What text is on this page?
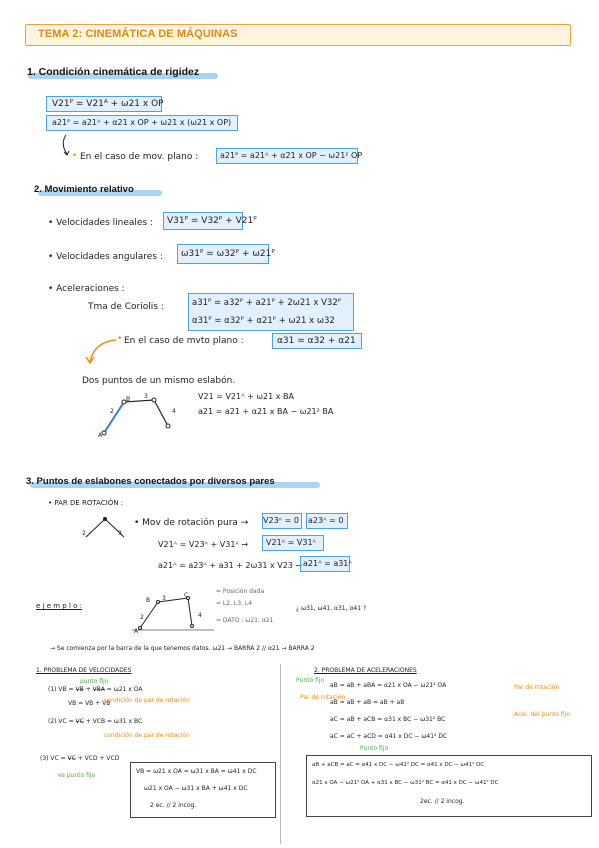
TEMA 2: CINEMÁTICA DE MÁQUINAS
1. Condición cinemática de rigidez
V21ᴾ = V21ᴬ + ω21 x OP
a21ᴾ = a21ᴬ + α21 x OP + ω21 x (ω21 x OP)
• En el caso de mov. plano :	a21ᴾ = a21ᴬ + α21 x OP − ω21² OP
2. Movimiento relativo
• Velocidades lineales : V31ᴾ = V32ᴾ + V21ᴾ
• Velocidades angulares : ω31ᴾ = ω32ᴾ + ω21ᴾ
• Aceleraciones :
Tma de Coriolis :	a31ᴾ = a32ᴾ + a21ᴾ + 2ω21 x V32ᴾ
α31ᴾ = α32ᴾ + α21ᴾ + ω21 x ω32
• En el caso de mvto plano :	α31 = α32 + α21
Dos puntos de un mismo eslabón.
V21 = V21ᴬ + ω21 x BA
a21 = a21 + α21 x BA − ω21² BA
A
2
B 3
4
3. Puntos de eslabones conectados por diversos pares
• PAR DE ROTACIÓN :
2	3
• Mov de rotación pura → V23ᴬ = 0 a23ᴬ = 0
V21ᴬ = V23ᴬ + V31ᴬ → V21ᴬ = V31ᴬ
a21ᴬ = a23ᴬ + a31 + 2ω31 x V23 → a21ᴬ = a31ᴬ
e j e m p l o :
B 3	C
4
2
A
= Posición dada
= L2, L3, L4
= DATO : ω21, α21
¿ ω31, ω41, α31, α41 ?
→ Se comienza por la barra de la que tenemos datos. ω21 → BARRA 2 // α21 → BARRA 2
1. PROBLEMA DE VELOCIDADES
(1) VB = V̶B̶ + V̶B̶A̶ = ω21 x OA
VB = VB + VB
(2) VC = V̶C̶ + VCB = ω31 x BC
(3) VC = V̶C̶ + VCD + VCD
punto fijo
condición de par de rotación
condición de par de rotación
es punto fijo
VB = ω21 x OA = ω31 x BA = ω41 x DC
ω21 x OA − ω31 x BA + ω41 x DC
2 ec. // 2 incog.
2. PROBLEMA DE ACELERACIONES
aB = aB + aBA = α21 x OA − ω21² OA
aB = aB + aB = aB + aB
aC = aB + aCB = α31 x BC − ω31² BC
aC = aC + aCD = α41 x DC − ω41² DC
Punto fijo
Par de rotación
Par de rotación
Acel. del punto fijo
Punto fijo
aB + aCB = aC = α41 x DC − ω41² DC = α41 x DC − ω41² DC
α21 x OA − ω21² OA + α31 x BC − ω31² BC = α41 x DC − ω41² DC
2ec. // 2 incog.
